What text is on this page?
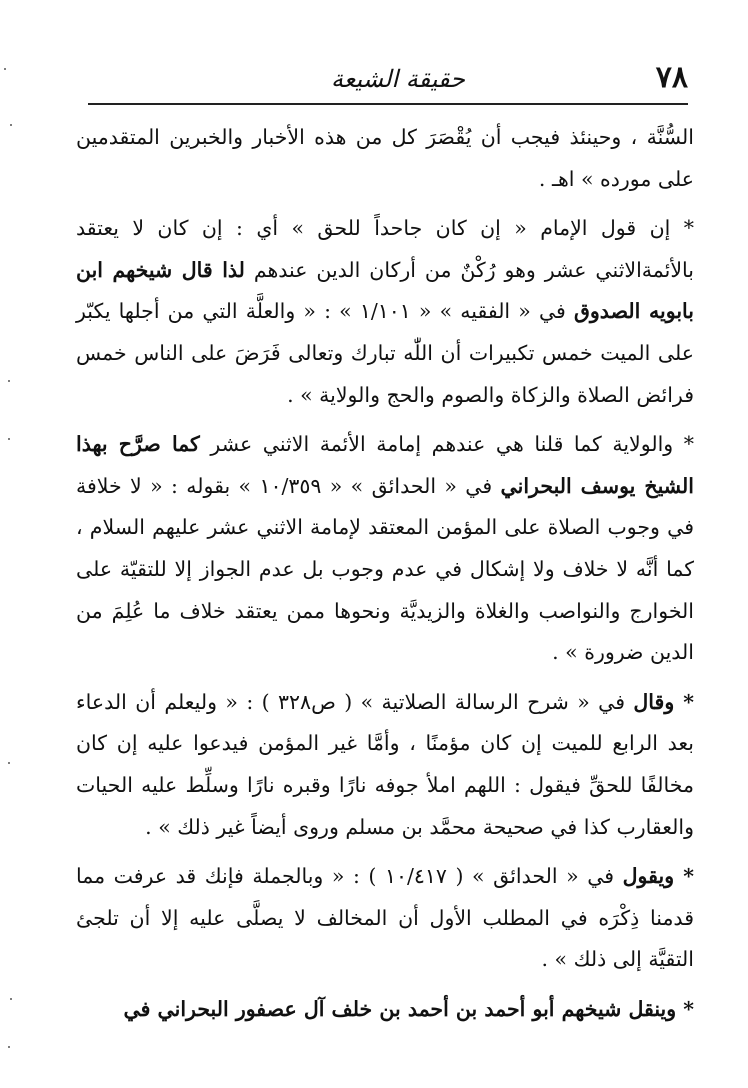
٧٨
حقيقة الشيعة

السُّنَّة ، وحينئذ فيجب أن يُقْصَرَ كل من هذه الأخبار والخبرين المتقدمين على مورده » اهـ .

* إن قول الإمام « إن كان جاحداً للحق » أي : إن كان لا يعتقد بالأئمةالاثني عشر وهو رُكْنٌ من أركان الدين عندهم لذا قال شيخهم ابن بابويه الصدوق في « الفقيه » « ١/١٠١ » : « والعلَّة التي من أجلها يكبّر على الميت خمس تكبيرات أن اللّٰه تبارك وتعالى فَرَضَ على الناس خمس فرائض الصلاة والزكاة والصوم والحج والولاية » .

* والولاية كما قلنا هي عندهم إمامة الأئمة الاثني عشر كما صرَّح بهذا الشيخ يوسف البحراني في « الحدائق » « ١٠/٣٥٩ » بقوله : « لا خلافة في وجوب الصلاة على المؤمن المعتقد لإمامة الاثني عشر عليهم السلام ، كما أنَّه لا خلاف ولا إشكال في عدم وجوب بل عدم الجواز إلا للتقيّة على الخوارج والنواصب والغلاة والزيديَّة ونحوها ممن يعتقد خلاف ما عُلِمَ من الدين ضرورة » .

* وقال في « شرح الرسالة الصلاتية » ( ص٣٢٨ ) : « وليعلم أن الدعاء بعد الرابع للميت إن كان مؤمنًا ، وأمَّا غير المؤمن فيدعوا عليه إن كان مخالفًا للحقِّ فيقول : اللهم املأ جوفه نارًا وقبره نارًا وسلِّط عليه الحيات والعقارب كذا في صحيحة محمَّد بن مسلم وروى أيضاً غير ذلك » .

* ويقول في « الحدائق » ( ١٠/٤١٧ ) : « وبالجملة فإنك قد عرفت مما قدمنا ذِكْرَه في المطلب الأول أن المخالف لا يصلَّى عليه إلا أن تلجئ التقيَّة إلى ذلك » .

* وينقل شيخهم أبو أحمد بن أحمد بن خلف آل عصفور البحراني في
